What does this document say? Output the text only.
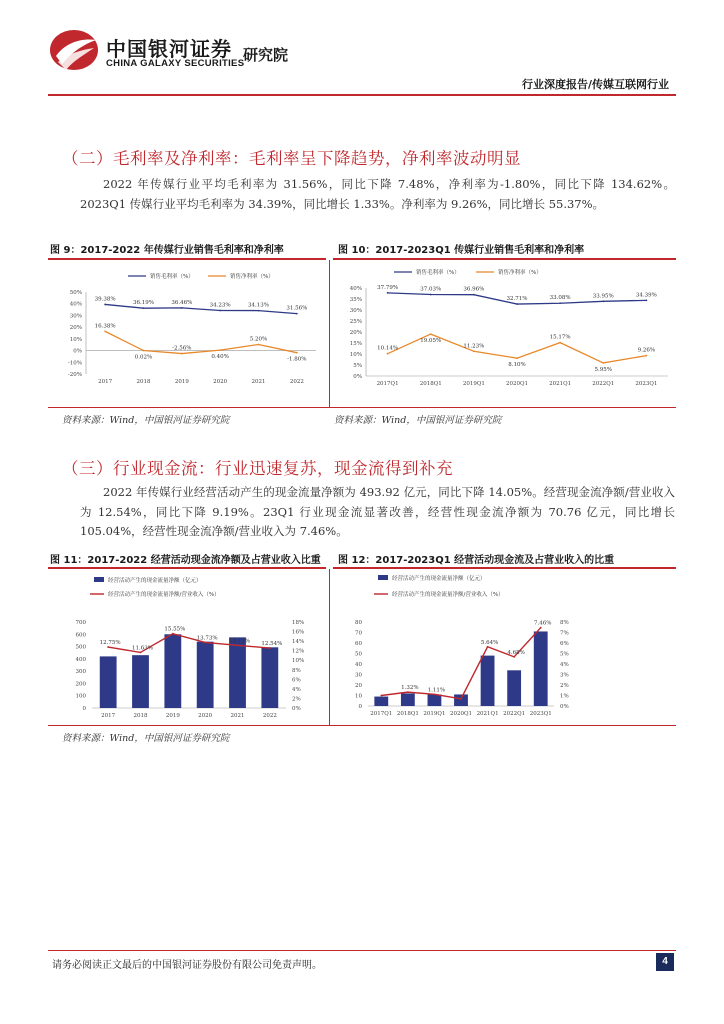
中国银河证券
CHINA GALAXY SECURITIES
研究院
行业深度报告/传媒互联网行业
（二）毛利率及净利率：毛利率呈下降趋势，净利率波动明显

2022 年传媒行业平均毛利率为 31.56%，同比下降 7.48%，净利率为-1.80%，同比下降 134.62%。2023Q1 传媒行业平均毛利率为 34.39%，同比增长 1.33%。净利率为 9.26%，同比增长 55.37%。

图 9：2017-2022 年传媒行业销售毛利率和净利率	图 10：2017-2023Q1 传媒行业销售毛利率和净利率
-20%
-10%
0%
10%
20%
30%
40%
50%
2017	2018	2019	2020	2021	2022
39.38%
36.19%	36.46%	34.23%	34.13%
31.56%
销售毛利率（%）
16.38%
0.02%
-2.56%
0.40%
5.20%
-1.80%
销售净利率（%）
0%
5%
10%
15%
20%
25%
30%
35%
40%
2017Q1	2018Q1	2019Q1	2020Q1	2021Q1	2022Q1	2023Q1
37.79%	37.03%	36.96%
32.71%	33.08%	33.95%	34.39%
销售毛利率（%）
10.14%
19.05%
11.23%
8.10%
15.17%
5.95%
9.26%
销售净利率（%）
资料来源：Wind，中国银河证券研究院	资料来源：Wind，中国银河证券研究院
（三）行业现金流：行业迅速复苏，现金流得到补充

2022 年传媒行业经营活动产生的现金流量净额为 493.92 亿元，同比下降 14.05%。经营现金流净额/营业收入为 12.54%，同比下降 9.19%。23Q1 行业现金流显著改善，经营性现金流净额为 70.76 亿元，同比增长 105.04%，经营性现金流净额/营业收入为 7.46%。

图 11：2017-2022 经营活动现金流净额及占营业收入比重 图 12：2017-2023Q1 经营活动现金流及占营业收入的比重
0
100
200
300
400
500
600
700
0%
2%
4%
6%
8%
10%
12%
14%
16%
18%
2017	2018	2019	2020	2021	2022
12.75%
11.63%
15.55%
13.73% 13.13% 12.54%
经营活动产生的现金流量净额（亿元）
经营活动产生的现金流量净额/营业收入（%）
0
10
20
30
40
50
60
70
80
0%
1%
2%
3%
4%
5%
6%
7%
8%
2017Q1 2018Q1 2019Q1 2020Q1 2021Q1 2022Q1 2023Q1
1.32% 1.11%
5.64%
4.68%
7.46%
经营活动产生的现金流量净额（亿元）
经营活动产生的现金流量净额/营业收入（%）
资料来源：Wind，中国银河证券研究院
请务必阅读正文最后的中国银河证券股份有限公司免责声明。	4
